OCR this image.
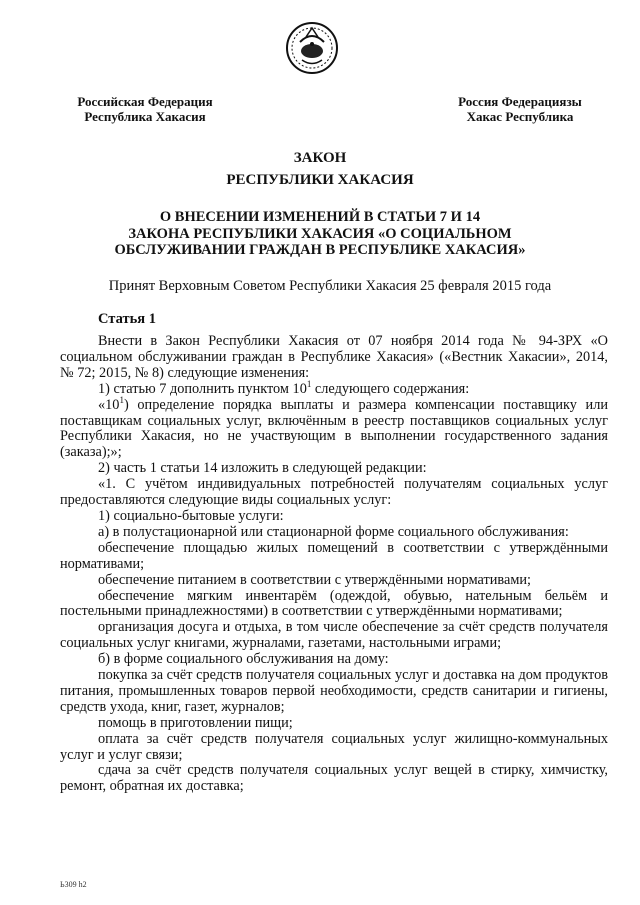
Российская Федерация
Республика Хакасия
Россия Федерациязы
Хакас Республика
ЗАКОН
РЕСПУБЛИКИ ХАКАСИЯ
О ВНЕСЕНИИ ИЗМЕНЕНИЙ В СТАТЬИ 7 И 14
ЗАКОНА РЕСПУБЛИКИ ХАКАСИЯ «О СОЦИАЛЬНОМ
ОБСЛУЖИВАНИИ ГРАЖДАН В РЕСПУБЛИКЕ ХАКАСИЯ»
Принят Верховным Советом Республики Хакасия 25 февраля 2015 года
Статья 1

Внести в Закон Республики Хакасия от 07 ноября 2014 года № 94-ЗРХ «О социальном обслуживании граждан в Республике Хакасия» («Вестник Хакасии», 2014, № 72; 2015, № 8) следующие изменения:

1) статью 7 дополнить пунктом $10^1$ следующего содержания:

«$10^1$) определение порядка выплаты и размера компенсации поставщику или поставщикам социальных услуг, включённым в реестр поставщиков социальных услуг Республики Хакасия, но не участвующим в выполнении государственного задания (заказа);»;

2) часть 1 статьи 14 изложить в следующей редакции:

«1. С учётом индивидуальных потребностей получателям социальных услуг предоставляются следующие виды социальных услуг:

1) социально-бытовые услуги:

а) в полустационарной или стационарной форме социального обслуживания:

обеспечение площадью жилых помещений в соответствии с утверждёнными нормативами;

обеспечение питанием в соответствии с утверждёнными нормативами;

обеспечение мягким инвентарём (одеждой, обувью, нательным бельём и постельными принадлежностями) в соответствии с утверждёнными нормативами;

организация досуга и отдыха, в том числе обеспечение за счёт средств получателя социальных услуг книгами, журналами, газетами, настольными играми;

б) в форме социального обслуживания на дому:

покупка за счёт средств получателя социальных услуг и доставка на дом продуктов питания, промышленных товаров первой необходимости, средств санитарии и гигиены, средств ухода, книг, газет, журналов;

помощь в приготовлении пищи;

оплата за счёт средств получателя социальных услуг жилищно-коммунальных услуг и услуг связи;

сдача за счёт средств получателя социальных услуг вещей в стирку, химчистку, ремонт, обратная их доставка;

Ь309 h2
